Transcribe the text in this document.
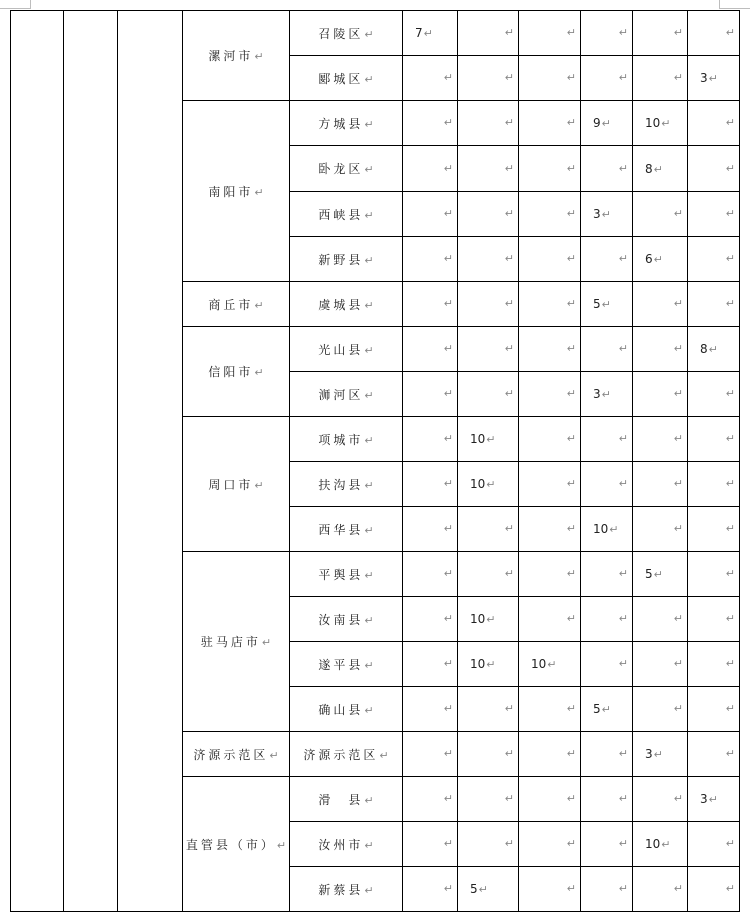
			漯河市↵	召陵区↵	7↵	↵	↵	↵	↵	↵

				郾城区↵	↵	↵	↵	↵	↵	3↵
			南阳市↵	方城县↵	↵	↵	↵	9↵	10↵	↵

				卧龙区↵	↵	↵	↵	↵	8↵	↵

				西峡县↵	↵	↵	↵	3↵	↵	↵

				新野县↵	↵	↵	↵	↵	6↵	↵

			商丘市↵	虞城县↵	↵	↵	↵	5↵	↵	↵

			信阳市↵	光山县↵	↵	↵	↵	↵	↵	8↵
				浉河区↵	↵	↵	↵	3↵	↵	↵

			周口市↵	项城市↵	↵	10↵	↵	↵	↵	↵

				扶沟县↵	↵	10↵	↵	↵	↵	↵

				西华县↵	↵	↵	↵	10↵	↵	↵

			驻马店市↵	平舆县↵	↵	↵	↵	↵	5↵	↵

				汝南县↵	↵	10↵	↵	↵	↵	↵

				遂平县↵	↵	10↵	10↵	↵	↵	↵

				确山县↵	↵	↵	↵	5↵	↵	↵

			济源示范区↵	济源示范区↵	↵	↵	↵	↵	3↵	↵

			直管县（市）↵	滑　县↵	↵	↵	↵	↵	↵	3↵
				汝州市↵	↵	↵	↵	↵	10↵	↵

				新蔡县↵	↵	5↵	↵	↵	↵	↵
